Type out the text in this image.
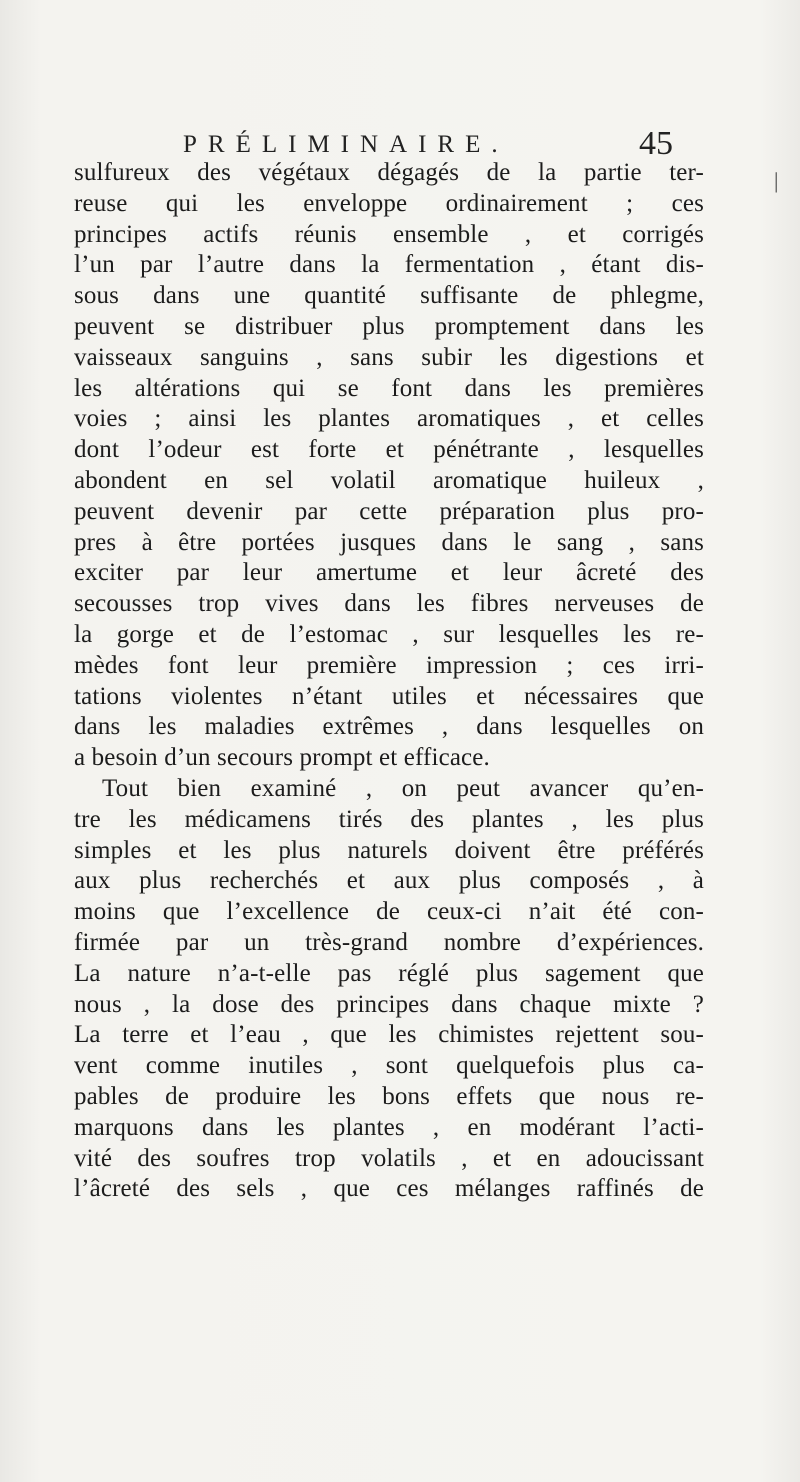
PRÉLIMINAIRE.	45
|
sulfureux des végétaux dégagés de la partie ter-
reuse qui les enveloppe ordinairement ; ces
principes actifs réunis ensemble , et corrigés
l’un par l’autre dans la fermentation , étant dis-
sous dans une quantité suffisante de phlegme,
peuvent se distribuer plus promptement dans les
vaisseaux sanguins , sans subir les digestions et
les altérations qui se font dans les premières
voies ; ainsi les plantes aromatiques , et celles
dont l’odeur est forte et pénétrante , lesquelles
abondent en sel volatil aromatique huileux ,
peuvent devenir par cette préparation plus pro-
pres à être portées jusques dans le sang , sans
exciter par leur amertume et leur âcreté des
secousses trop vives dans les fibres nerveuses de
la gorge et de l’estomac , sur lesquelles les re-
mèdes font leur première impression ; ces irri-
tations violentes n’étant utiles et nécessaires que
dans les maladies extrêmes , dans lesquelles on
a besoin d’un secours prompt et efficace.
Tout bien examiné , on peut avancer qu’en-
tre les médicamens tirés des plantes , les plus
simples et les plus naturels doivent être préférés
aux plus recherchés et aux plus composés , à
moins que l’excellence de ceux-ci n’ait été con-
firmée par un très-grand nombre d’expériences.
La nature n’a-t-elle pas réglé plus sagement que
nous , la dose des principes dans chaque mixte ?
La terre et l’eau , que les chimistes rejettent sou-
vent comme inutiles , sont quelquefois plus ca-
pables de produire les bons effets que nous re-
marquons dans les plantes , en modérant l’acti-
vité des soufres trop volatils , et en adoucissant
l’âcreté des sels , que ces mélanges raffinés de
